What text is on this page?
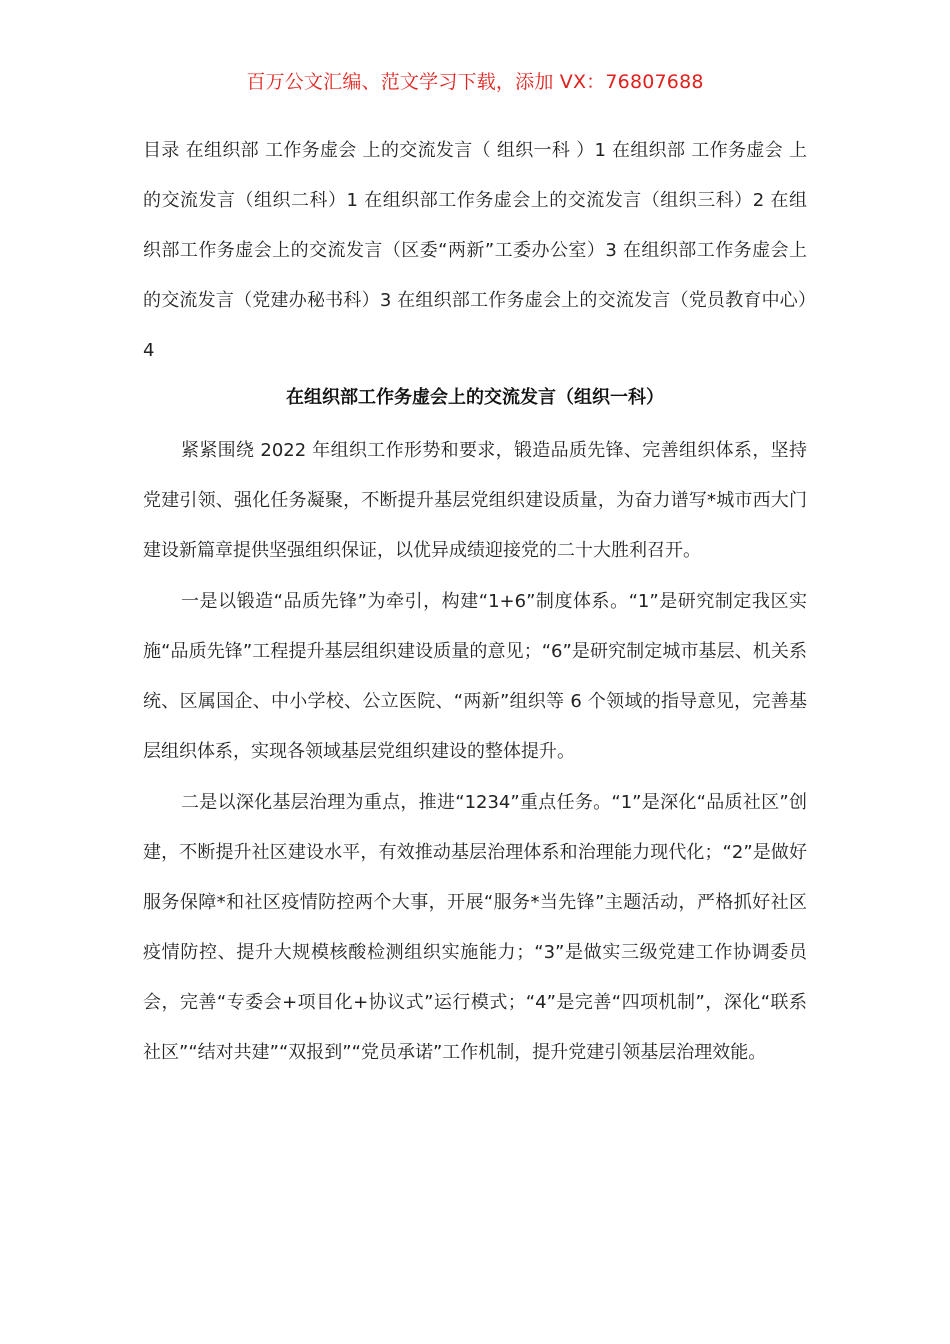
百万公文汇编、范文学习下载，添加 VX：76807688

目录 在组织部 工作务虚会 上的交流发言（ 组织一科 ）1 在组织部 工作务虚会 上的交流发言（组织二科）1 在组织部工作务虚会上的交流发言（组织三科）2 在组织部工作务虚会上的交流发言（区委“两新”工委办公室）3 在组织部工作务虚会上的交流发言（党建办秘书科）3 在组织部工作务虚会上的交流发言（党员教育中心）4

在组织部工作务虚会上的交流发言（组织一科）

紧紧围绕 2022 年组织工作形势和要求，锻造品质先锋、完善组织体系，坚持党建引领、强化任务凝聚，不断提升基层党组织建设质量，为奋力谱写*城市西大门建设新篇章提供坚强组织保证，以优异成绩迎接党的二十大胜利召开。

一是以锻造“品质先锋”为牵引，构建“1+6”制度体系。“1”是研究制定我区实施“品质先锋”工程提升基层组织建设质量的意见；“6”是研究制定城市基层、机关系统、区属国企、中小学校、公立医院、“两新”组织等 6 个领域的指导意见，完善基层组织体系，实现各领域基层党组织建设的整体提升。

二是以深化基层治理为重点，推进“1234”重点任务。“1”是深化“品质社区”创建，不断提升社区建设水平，有效推动基层治理体系和治理能力现代化；“2”是做好服务保障*和社区疫情防控两个大事，开展“服务*当先锋”主题活动，严格抓好社区疫情防控、提升大规模核酸检测组织实施能力；“3”是做实三级党建工作协调委员会，完善“专委会+项目化+协议式”运行模式；“4”是完善“四项机制”，深化“联系社区”“结对共建”“双报到”“党员承诺”工作机制，提升党建引领基层治理效能。
